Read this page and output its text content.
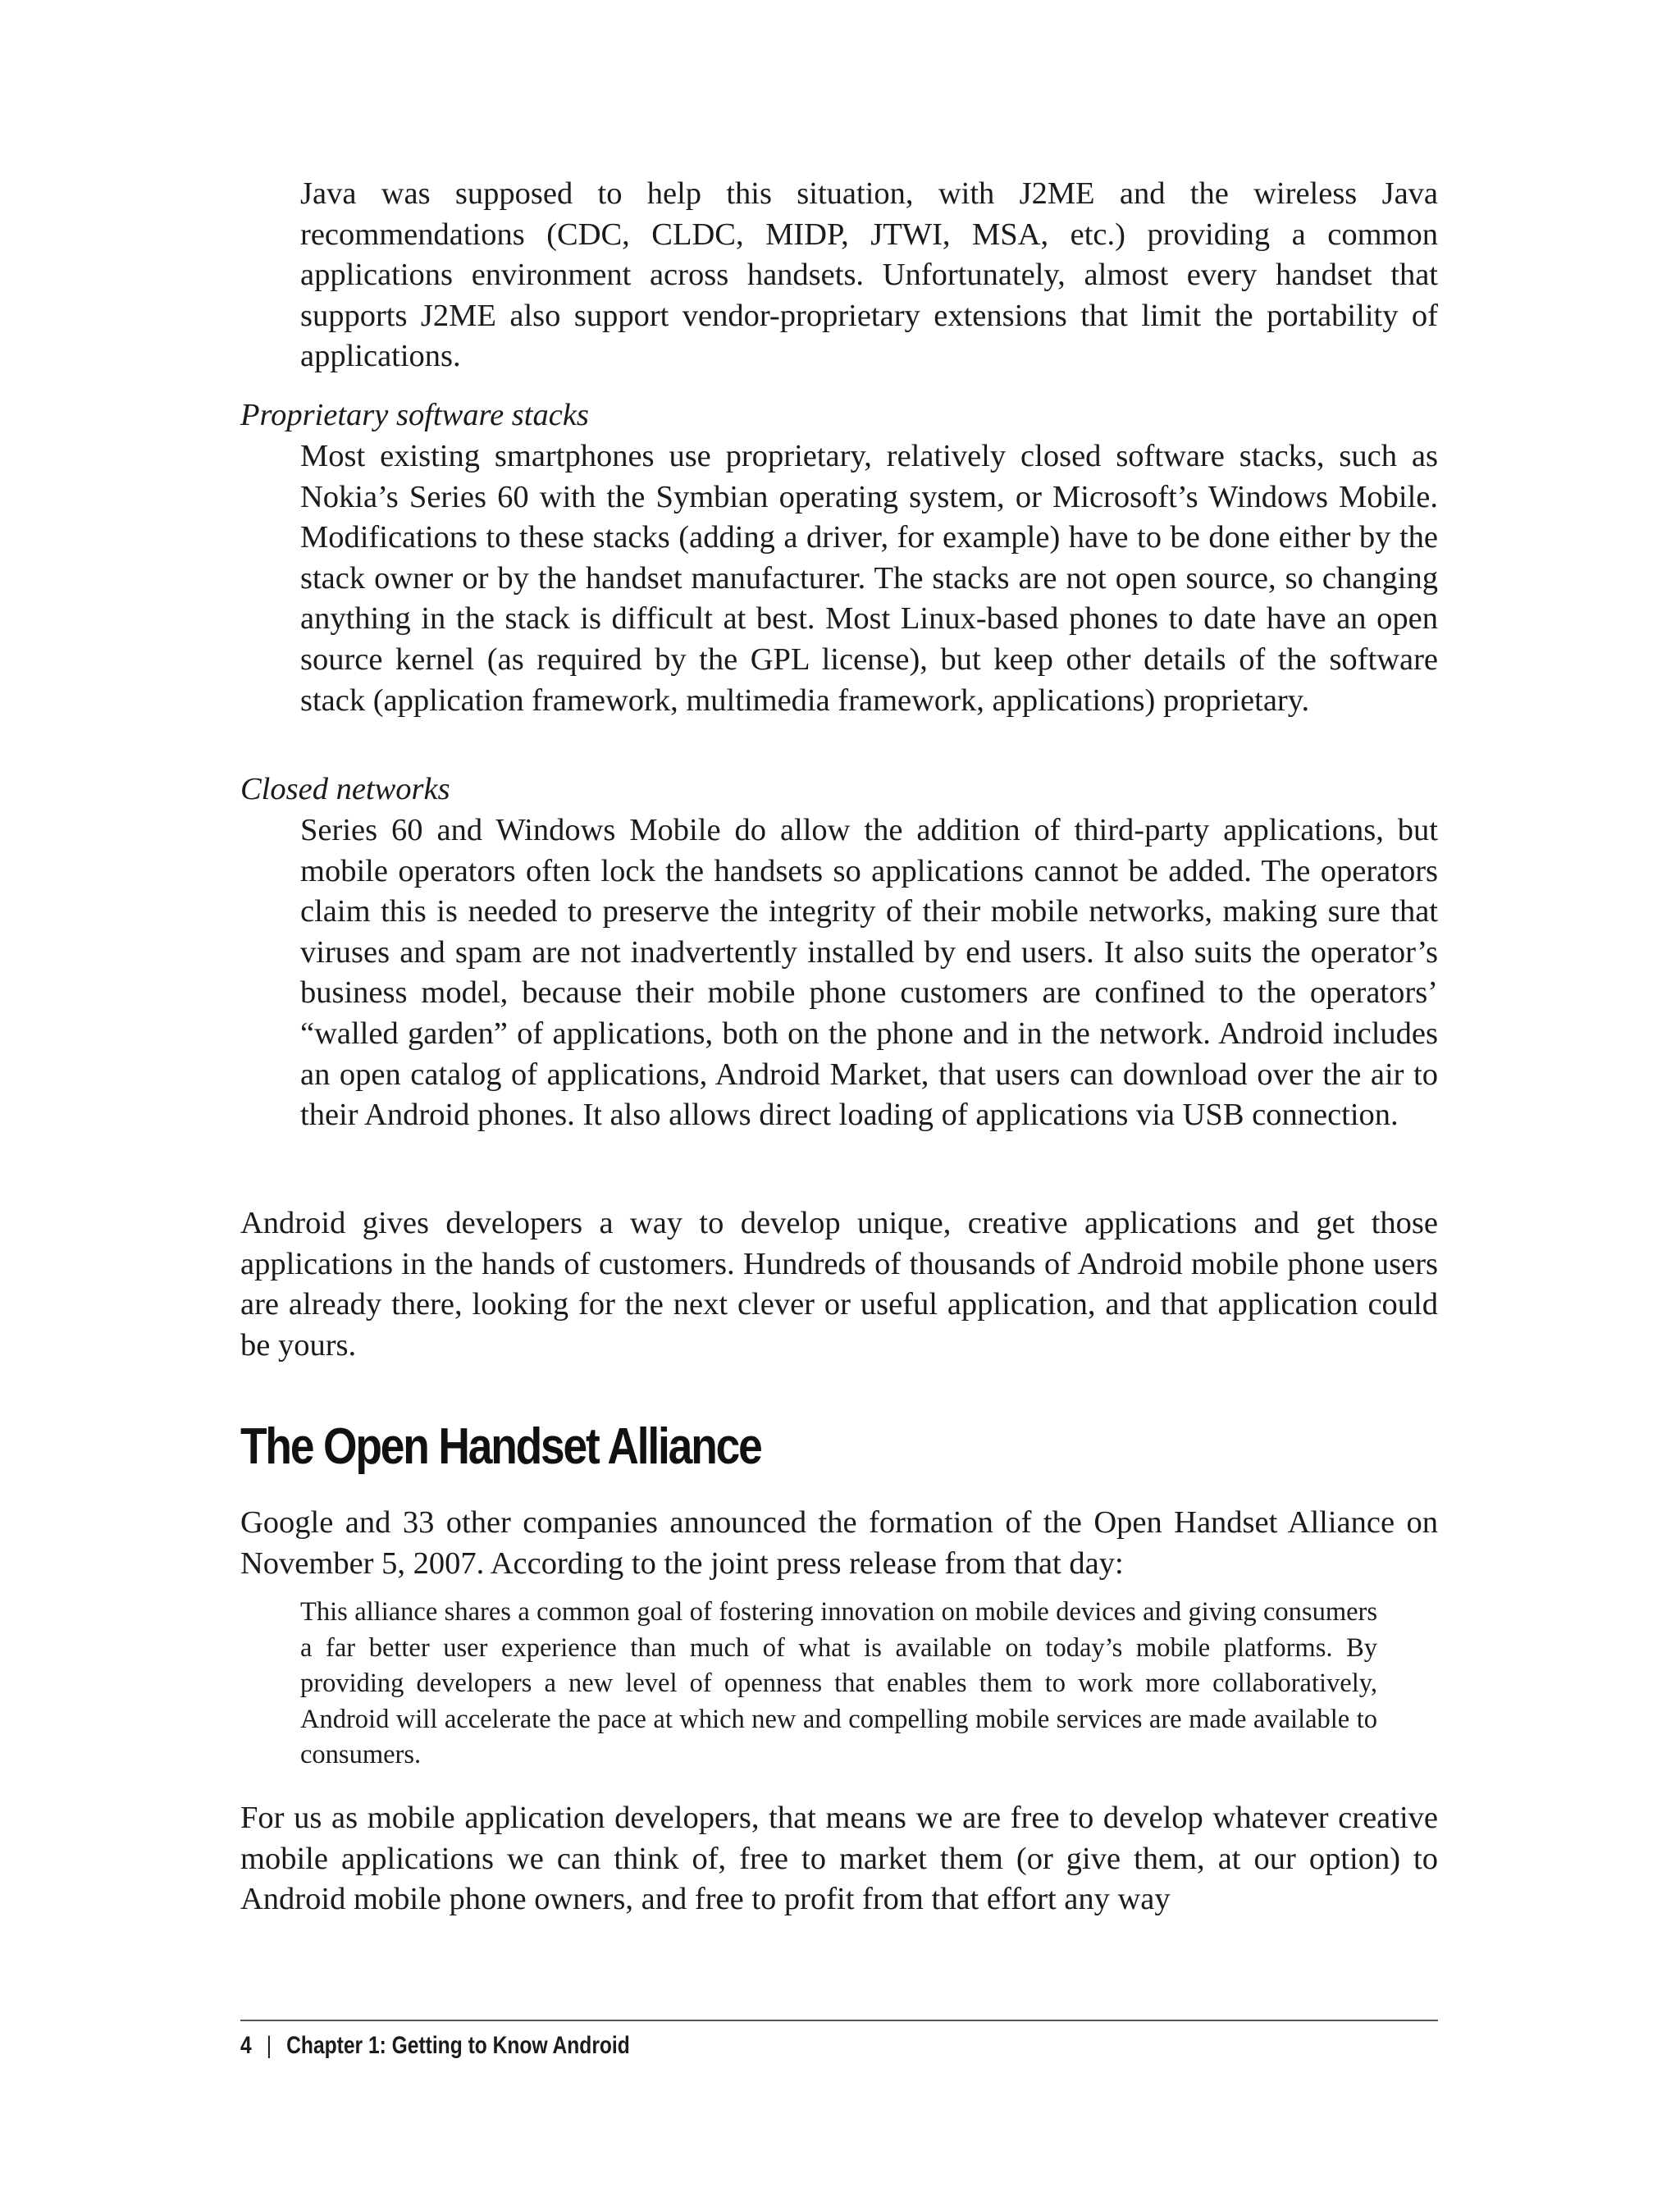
Java was supposed to help this situation, with J2ME and the wireless Java recommendations (CDC, CLDC, MIDP, JTWI, MSA, etc.) providing a common applications environment across handsets. Unfortunately, almost every handset that supports J2ME also support vendor-proprietary extensions that limit the portability of applications.

Proprietary software stacks

Most existing smartphones use proprietary, relatively closed software stacks, such as Nokia’s Series 60 with the Symbian operating system, or Microsoft’s Windows Mobile. Modifications to these stacks (adding a driver, for example) have to be done either by the stack owner or by the handset manufacturer. The stacks are not open source, so changing anything in the stack is difficult at best. Most Linux-based phones to date have an open source kernel (as required by the GPL license), but keep other details of the software stack (application framework, multimedia framework, applications) proprietary.

Closed networks

Series 60 and Windows Mobile do allow the addition of third-party applications, but mobile operators often lock the handsets so applications cannot be added. The operators claim this is needed to preserve the integrity of their mobile networks, making sure that viruses and spam are not inadvertently installed by end users. It also suits the operator’s business model, because their mobile phone customers are confined to the operators’ “walled garden” of applications, both on the phone and in the network. Android includes an open catalog of applications, Android Market, that users can download over the air to their Android phones. It also allows direct loading of applications via USB connection.

Android gives developers a way to develop unique, creative applications and get those applications in the hands of customers. Hundreds of thousands of Android mobile phone users are already there, looking for the next clever or useful application, and that application could be yours.

The Open Handset Alliance

Google and 33 other companies announced the formation of the Open Handset Alliance on November 5, 2007. According to the joint press release from that day:

This alliance shares a common goal of fostering innovation on mobile devices and giving consumers a far better user experience than much of what is available on today’s mobile platforms. By providing developers a new level of openness that enables them to work more collaboratively, Android will accelerate the pace at which new and compelling mobile services are made available to consumers.

For us as mobile application developers, that means we are free to develop whatever creative mobile applications we can think of, free to market them (or give them, at our option) to Android mobile phone owners, and free to profit from that effort any way

4 | Chapter 1: Getting to Know Android
